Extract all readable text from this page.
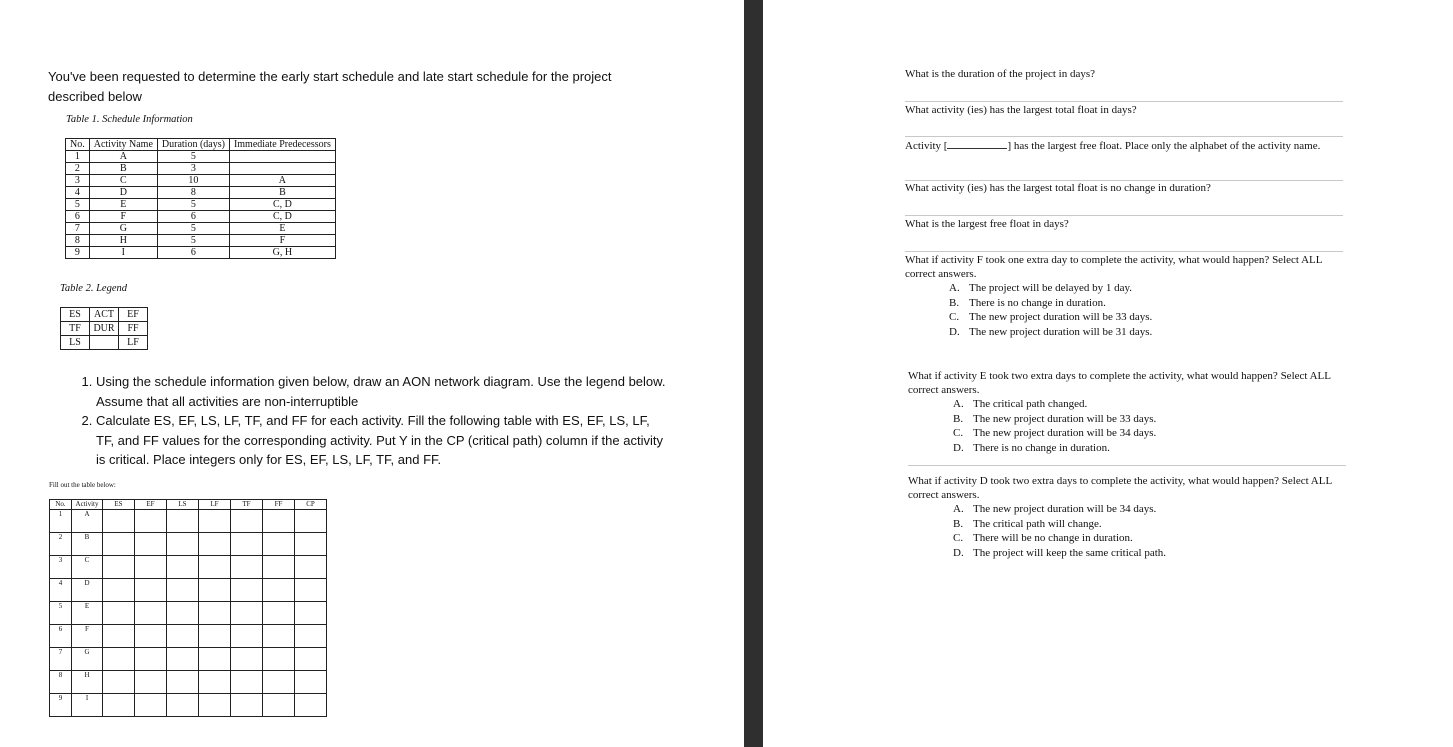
You've been requested to determine the early start schedule and late start schedule for the project described below
Table 1. Schedule Information
No.	Activity Name	Duration (days)	Immediate Predecessors
1	A	5	
2	B	3	
3	C	10	A
4	D	8	B
5	E	5	C, D
6	F	6	C, D
7	G	5	E
8	H	5	F
9	I	6	G, H
Table 2. Legend
ES	ACT	EF
TF	DUR	FF
LS		LF
1. Using the schedule information given below, draw an AON network diagram. Use the legend below. Assume that all activities are non-interruptible
2. Calculate ES, EF, LS, LF, TF, and FF for each activity. Fill the following table with ES, EF, LS, LF, TF, and FF values for the corresponding activity. Put Y in the CP (critical path) column if the activity is critical. Place integers only for ES, EF, LS, LF, TF, and FF.
Fill out the table below:
No.	Activity	ES	EF	LS	LF	TF	FF	CP
1	A							
2	B							
3	C							
4	D							
5	E							
6	F							
7	G							
8	H							
9	I							
What is the duration of the project in days?
What activity (ies) has the largest total float in days?
Activity [	] has the largest free float. Place only the alphabet of the activity name.
What activity (ies) has the largest total float is no change in duration?
What is the largest free float in days?
What if activity F took one extra day to complete the activity, what would happen? Select ALL correct answers.
A. The project will be delayed by 1 day.
B. There is no change in duration.
C. The new project duration will be 33 days.
D. The new project duration will be 31 days.
What if activity E took two extra days to complete the activity, what would happen? Select ALL correct answers.
A. The critical path changed.
B. The new project duration will be 33 days.
C. The new project duration will be 34 days.
D. There is no change in duration.
What if activity D took two extra days to complete the activity, what would happen? Select ALL correct answers.
A. The new project duration will be 34 days.
B. The critical path will change.
C. There will be no change in duration.
D. The project will keep the same critical path.
